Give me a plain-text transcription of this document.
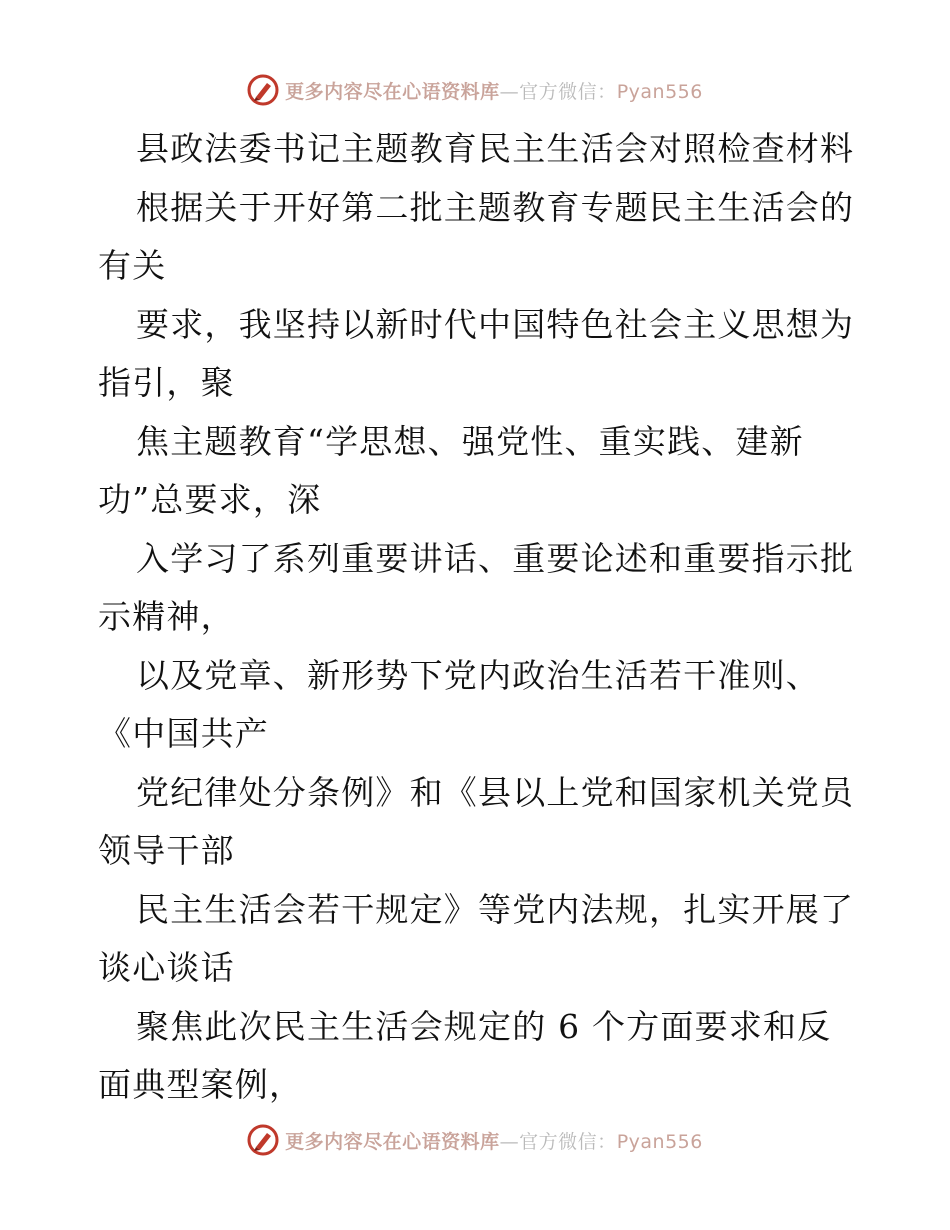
更多内容尽在心语资料库—官方微信：Pyan556
县政法委书记主题教育民主生活会对照检查材料
根据关于开好第二批主题教育专题民主生活会的
有关
要求，我坚持以新时代中国特色社会主义思想为
指引，聚
焦主题教育“学思想、强党性、重实践、建新
功”总要求，深
入学习了系列重要讲话、重要论述和重要指示批
示精神，
以及党章、新形势下党内政治生活若干准则、
《中国共产
党纪律处分条例》和《县以上党和国家机关党员
领导干部
民主生活会若干规定》等党内法规，扎实开展了
谈心谈话
聚焦此次民主生活会规定的 6 个方面要求和反
面典型案例，
更多内容尽在心语资料库—官方微信：Pyan556
